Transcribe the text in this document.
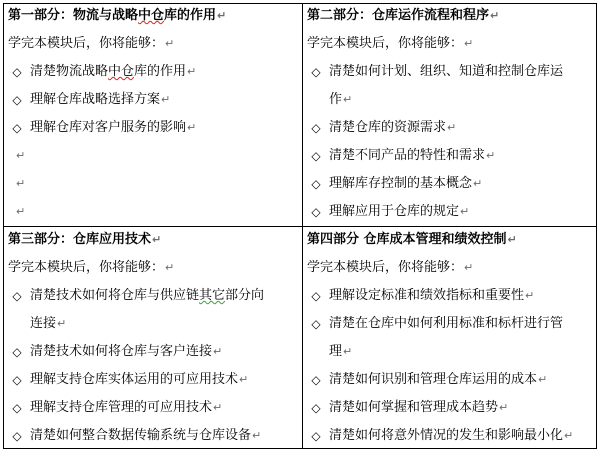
第一部分：物流与战略中仓库的作用↵
学完本模块后，你将能够：↵
◇ 清楚物流战略中仓库的作用↵
◇ 理解仓库战略选择方案↵
◇ 理解仓库对客户服务的影响↵
↵
↵
↵
第二部分：仓库运作流程和程序↵
学完本模块后，你将能够：↵
◇ 清楚如何计划、组织、知道和控制仓库运
作↵
◇ 清楚仓库的资源需求↵
◇ 清楚不同产品的特性和需求↵
◇ 理解库存控制的基本概念↵
◇ 理解应用于仓库的规定↵
第三部分：仓库应用技术↵
学完本模块后，你将能够：↵
◇ 清楚技术如何将仓库与供应链其它部分向
连接↵
◇ 清楚技术如何将仓库与客户连接↵
◇ 理解支持仓库实体运用的可应用技术↵
◇ 理解支持仓库管理的可应用技术↵
◇ 清楚如何整合数据传输系统与仓库设备↵
第四部分 仓库成本管理和绩效控制↵
学完本模块后，你将能够：↵
◇ 理解设定标准和绩效指标和重要性↵
◇ 清楚在仓库中如何利用标准和标杆进行管
理↵
◇ 清楚如何识别和管理仓库运用的成本↵
◇ 清楚如何掌握和管理成本趋势↵
◇ 清楚如何将意外情况的发生和影响最小化↵
